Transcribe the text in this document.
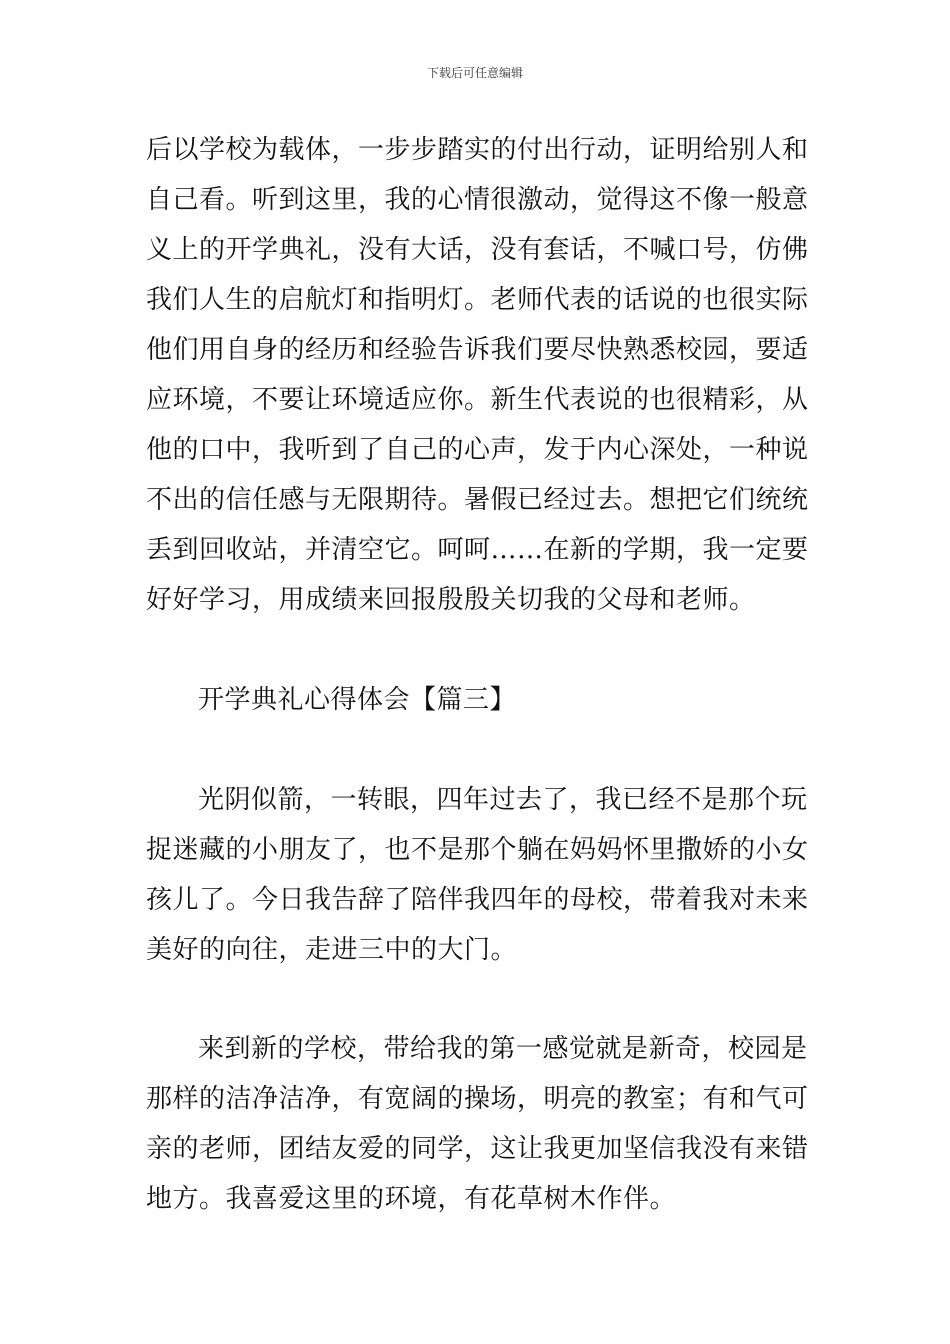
下载后可任意编辑
后以学校为载体，一步步踏实的付出行动，证明给别人和
自己看。听到这里，我的心情很激动，觉得这不像一般意
义上的开学典礼，没有大话，没有套话，不喊口号，仿佛
我们人生的启航灯和指明灯。老师代表的话说的也很实际
他们用自身的经历和经验告诉我们要尽快熟悉校园，要适
应环境，不要让环境适应你。新生代表说的也很精彩，从
他的口中，我听到了自己的心声，发于内心深处，一种说
不出的信任感与无限期待。暑假已经过去。想把它们统统
丢到回收站，并清空它。呵呵……在新的学期，我一定要
好好学习，用成绩来回报殷殷关切我的父母和老师。
开学典礼心得体会【篇三】
光阴似箭，一转眼，四年过去了，我已经不是那个玩
捉迷藏的小朋友了，也不是那个躺在妈妈怀里撒娇的小女
孩儿了。今日我告辞了陪伴我四年的母校，带着我对未来
美好的向往，走进三中的大门。
来到新的学校，带给我的第一感觉就是新奇，校园是
那样的洁净洁净，有宽阔的操场，明亮的教室；有和气可
亲的老师，团结友爱的同学，这让我更加坚信我没有来错
地方。我喜爱这里的环境，有花草树木作伴。
